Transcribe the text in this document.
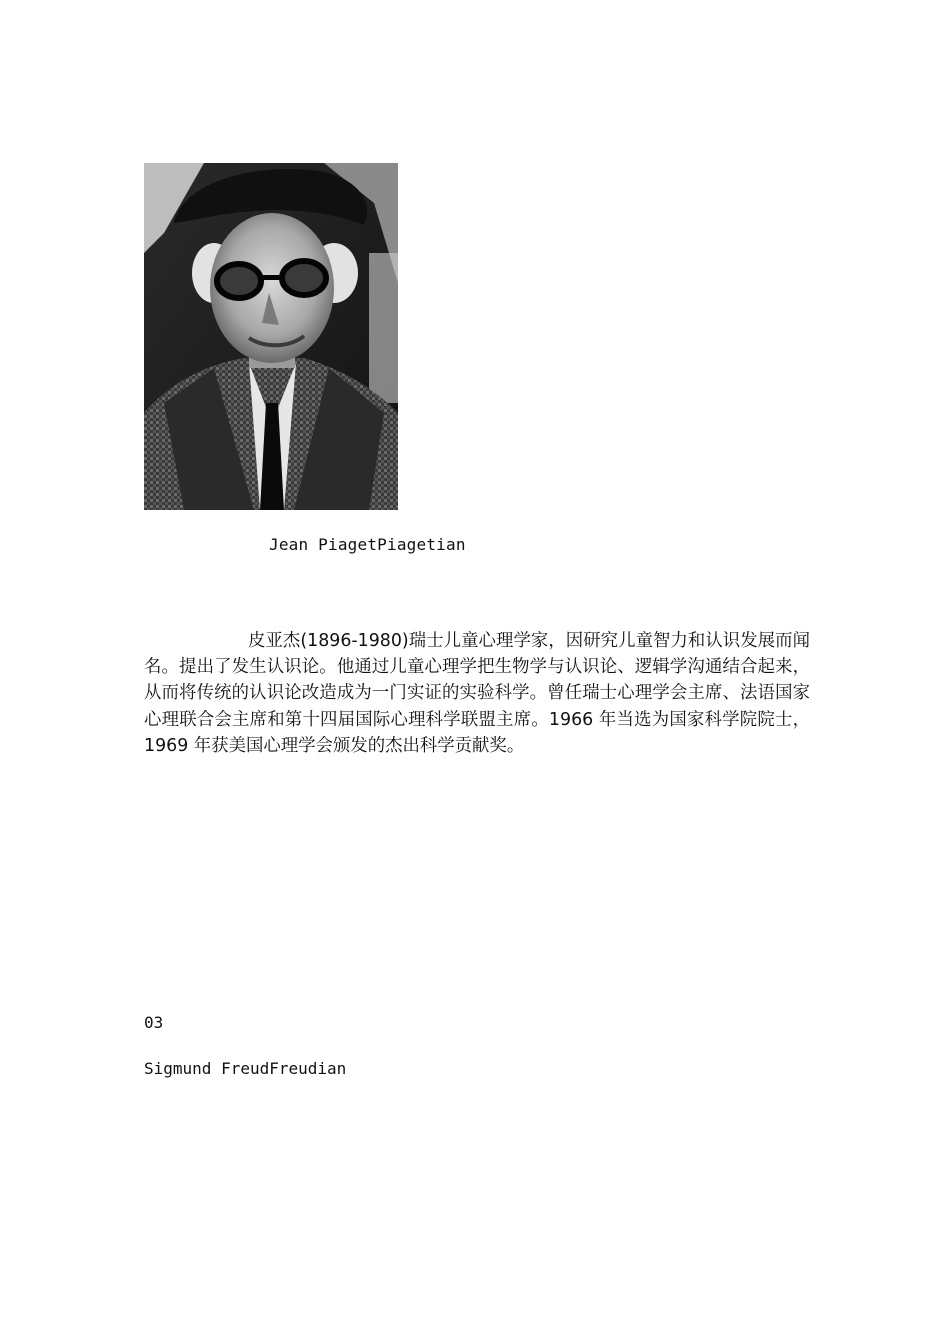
Jean PiagetPiagetian

皮亚杰(1896-1980)瑞士儿童心理学家，因研究儿童智力和认识发展而闻名。提出了发生认识论。他通过儿童心理学把生物学与认识论、逻辑学沟通结合起来，从而将传统的认识论改造成为一门实证的实验科学。曾任瑞士心理学会主席、法语国家心理联合会主席和第十四届国际心理科学联盟主席。1966 年当选为国家科学院院士，1969 年获美国心理学会颁发的杰出科学贡献奖。

03
Sigmund FreudFreudian
